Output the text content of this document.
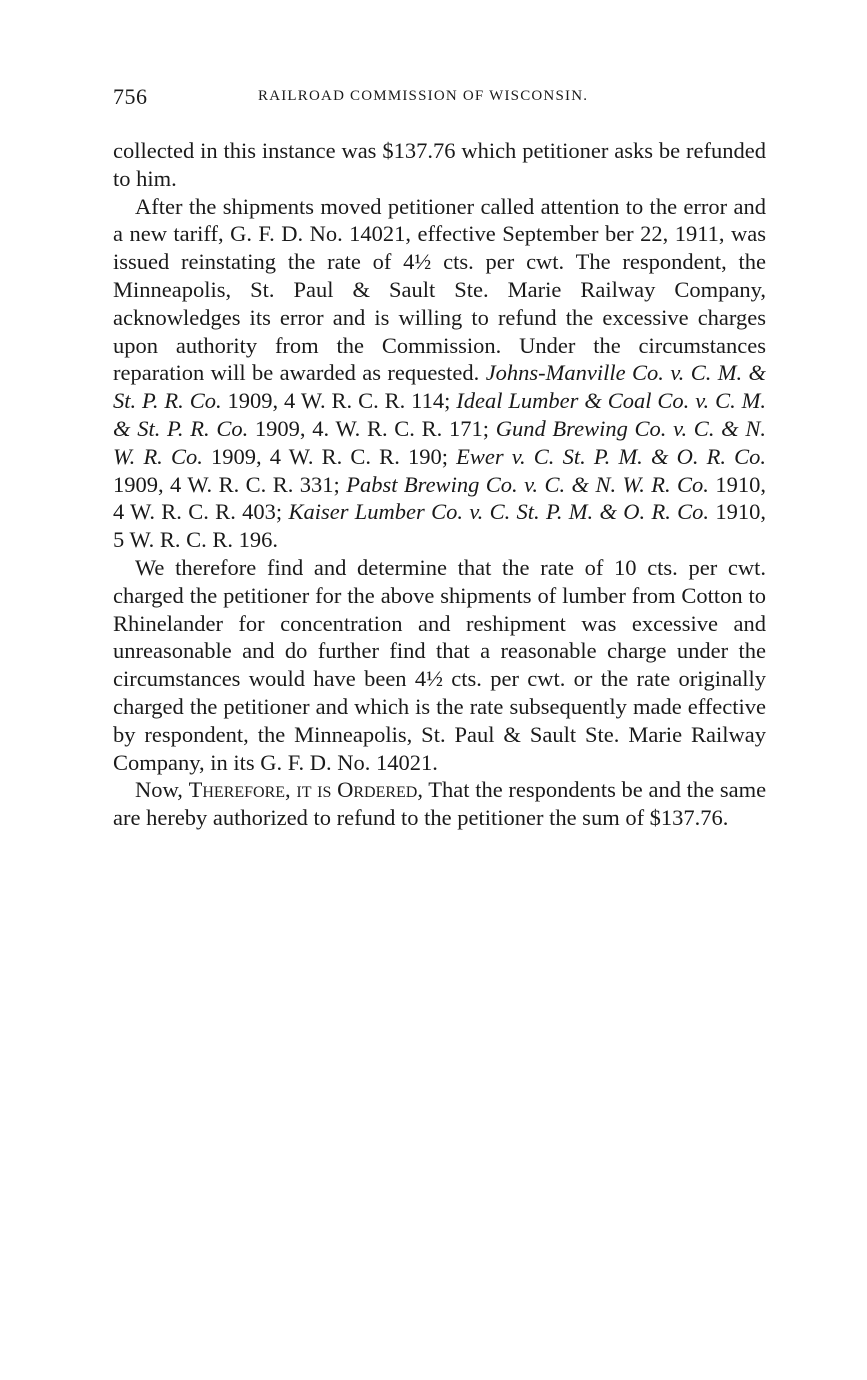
756	RAILROAD COMMISSION OF WISCONSIN.

collected in this instance was $137.76 which petitioner asks be refunded to him.

After the shipments moved petitioner called attention to the error and a new tariff, G. F. D. No. 14021, effective September ber 22, 1911, was issued reinstating the rate of 4½ cts. per cwt. The respondent, the Minneapolis, St. Paul & Sault Ste. Marie Railway Company, acknowledges its error and is willing to refund the excessive charges upon authority from the Commission. Under the circumstances reparation will be awarded as requested. Johns-Manville Co. v. C. M. & St. P. R. Co. 1909, 4 W. R. C. R. 114; Ideal Lumber & Coal Co. v. C. M. & St. P. R. Co. 1909, 4. W. R. C. R. 171; Gund Brewing Co. v. C. & N. W. R. Co. 1909, 4 W. R. C. R. 190; Ewer v. C. St. P. M. & O. R. Co. 1909, 4 W. R. C. R. 331; Pabst Brewing Co. v. C. & N. W. R. Co. 1910, 4 W. R. C. R. 403; Kaiser Lumber Co. v. C. St. P. M. & O. R. Co. 1910, 5 W. R. C. R. 196.

We therefore find and determine that the rate of 10 cts. per cwt. charged the petitioner for the above shipments of lumber from Cotton to Rhinelander for concentration and reshipment was excessive and unreasonable and do further find that a reasonable charge under the circumstances would have been 4½ cts. per cwt. or the rate originally charged the petitioner and which is the rate subsequently made effective by respondent, the Minneapolis, St. Paul & Sault Ste. Marie Railway Company, in its G. F. D. No. 14021.

Now, Therefore, it is Ordered, That the respondents be and the same are hereby authorized to refund to the petitioner the sum of $137.76.
